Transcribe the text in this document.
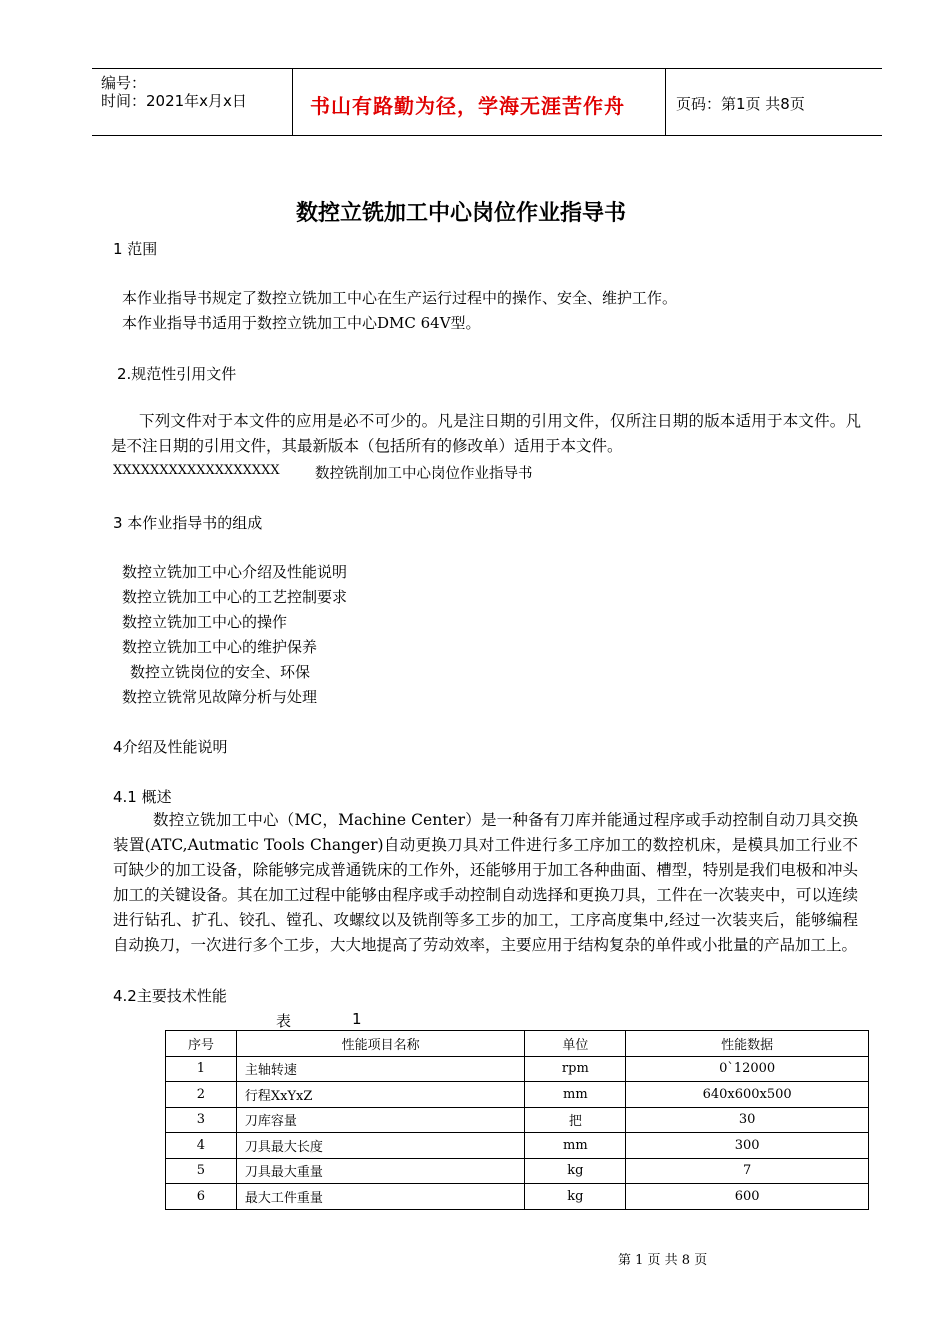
编号：
时间：2021年x月x日	书山有路勤为径，学海无涯苦作舟	页码：第1页 共8页
数控立铣加工中心岗位作业指导书
1 范围
本作业指导书规定了数控立铣加工中心在生产运行过程中的操作、安全、维护工作。
本作业指导书适用于数控立铣加工中心DMC 64V型。
2.规范性引用文件
下列文件对于本文件的应用是必不可少的。凡是注日期的引用文件，仅所注日期的版本适用于本文件。凡是不注日期的引用文件，其最新版本（包括所有的修改单）适用于本文件。
XXXXXXXXXXXXXXXXXX 数控铣削加工中心岗位作业指导书
3 本作业指导书的组成
数控立铣加工中心介绍及性能说明
数控立铣加工中心的工艺控制要求
数控立铣加工中心的操作
数控立铣加工中心的维护保养
数控立铣岗位的安全、环保
数控立铣常见故障分析与处理
4介绍及性能说明
4.1 概述
数控立铣加工中心（MC，Machine Center）是一种备有刀库并能通过程序或手动控制自动刀具交换装置(ATC,Autmatic Tools Changer)自动更换刀具对工件进行多工序加工的数控机床，是模具加工行业不可缺少的加工设备，除能够完成普通铣床的工作外，还能够用于加工各种曲面、槽型，特别是我们电极和冲头加工的关键设备。其在加工过程中能够由程序或手动控制自动选择和更换刀具，工件在一次装夹中，可以连续进行钻孔、扩孔、铰孔、镗孔、攻螺纹以及铣削等多工步的加工，工序高度集中,经过一次装夹后，能够编程自动换刀，一次进行多个工步，大大地提高了劳动效率，主要应用于结构复杂的单件或小批量的产品加工上。
4.2主要技术性能
表	1
序号	性能项目名称	单位	性能数据
1	主轴转速	rpm	0`12000
2	行程XxYxZ	mm	640x600x500
3	刀库容量	把	30
4	刀具最大长度	mm	300
5	刀具最大重量	kg	7
6	最大工件重量	kg	600
第 1 页 共 8 页
